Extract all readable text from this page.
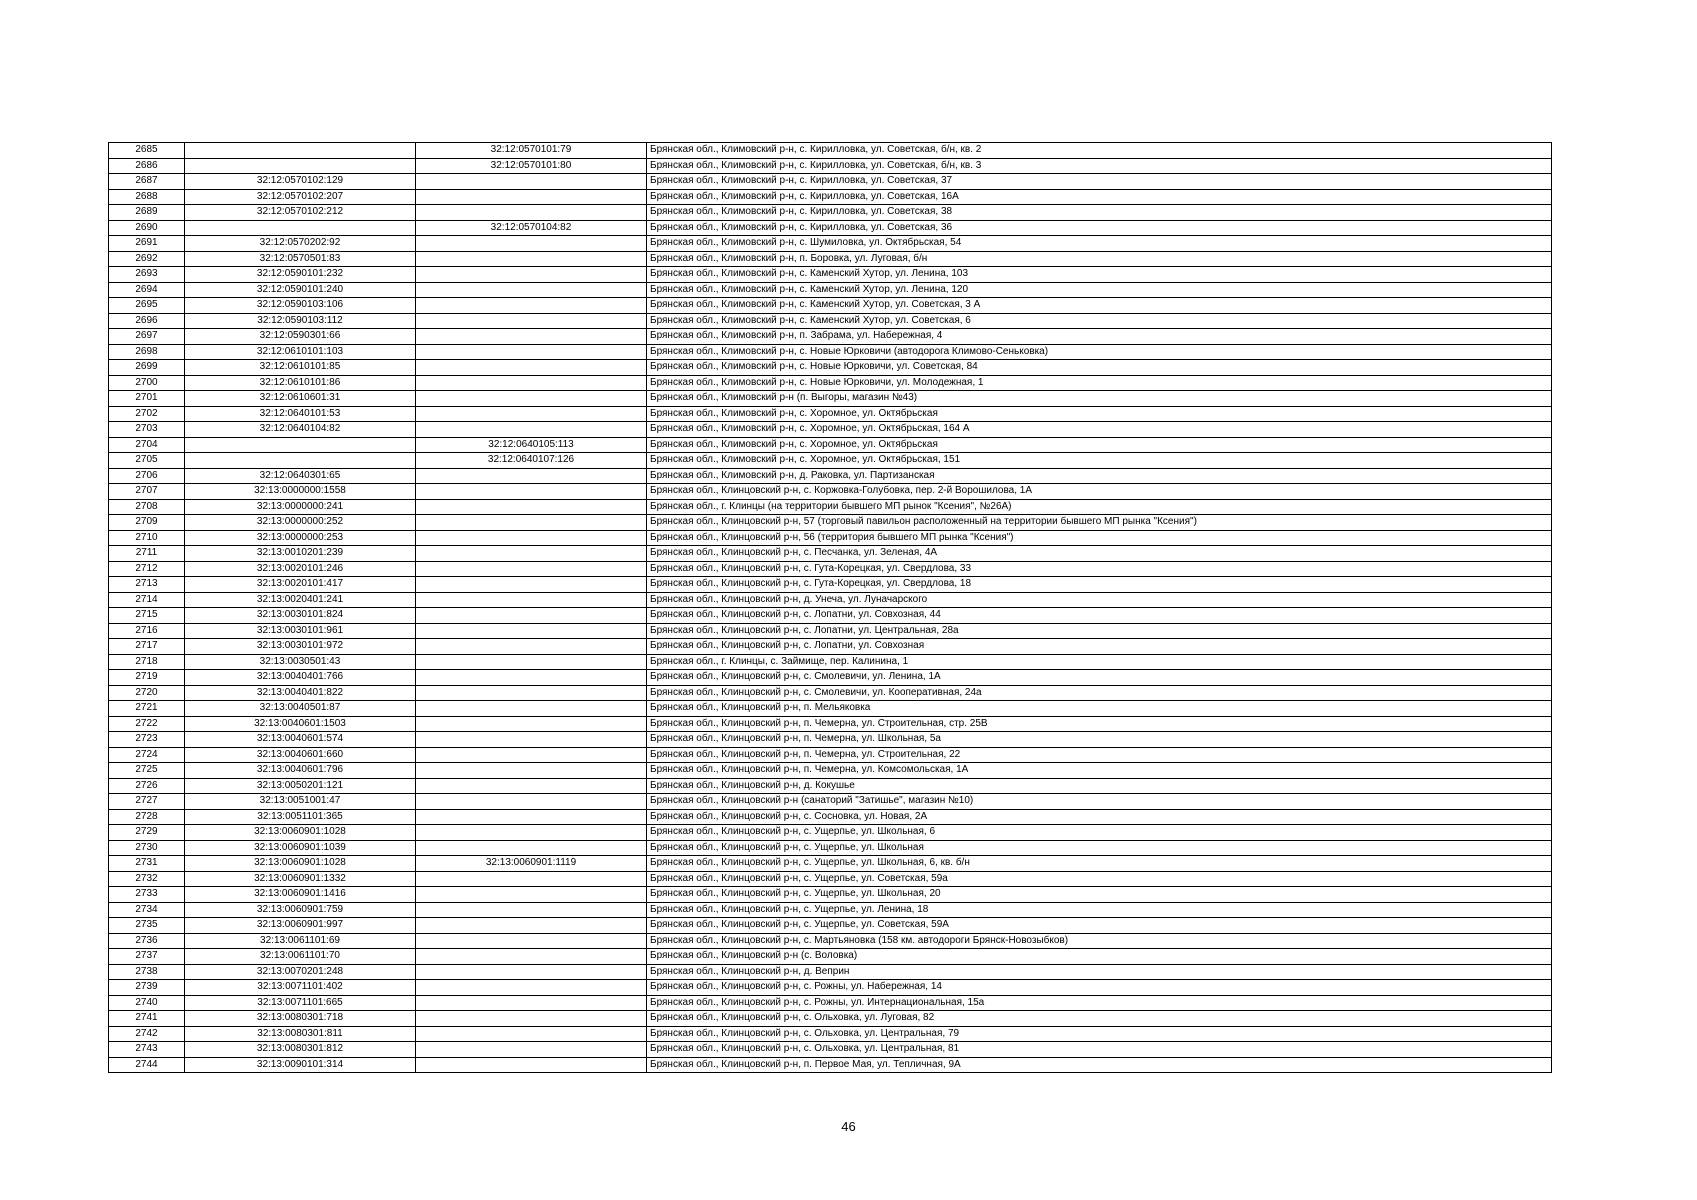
2685		32:12:0570101:79	Брянская обл., Климовский р-н, с. Кирилловка, ул. Советская, б/н, кв. 2
2686		32:12:0570101:80	Брянская обл., Климовский р-н, с. Кирилловка, ул. Советская, б/н, кв. 3
2687	32:12:0570102:129		Брянская обл., Климовский р-н, с. Кирилловка, ул. Советская, 37
2688	32:12:0570102:207		Брянская обл., Климовский р-н, с. Кирилловка, ул. Советская, 16А
2689	32:12:0570102:212		Брянская обл., Климовский р-н, с. Кирилловка, ул. Советская, 38
2690		32:12:0570104:82	Брянская обл., Климовский р-н, с. Кирилловка, ул. Советская, 36
2691	32:12:0570202:92		Брянская обл., Климовский р-н, с. Шумиловка, ул. Октябрьская, 54
2692	32:12:0570501:83		Брянская обл., Климовский р-н, п. Боровка, ул. Луговая, б/н
2693	32:12:0590101:232		Брянская обл., Климовский р-н, с. Каменский Хутор, ул. Ленина, 103
2694	32:12:0590101:240		Брянская обл., Климовский р-н, с. Каменский Хутор, ул. Ленина, 120
2695	32:12:0590103:106		Брянская обл., Климовский р-н, с. Каменский Хутор, ул. Советская, 3 А
2696	32:12:0590103:112		Брянская обл., Климовский р-н, с. Каменский Хутор, ул. Советская, 6
2697	32:12:0590301:66		Брянская обл., Климовский р-н, п. Забрама, ул. Набережная, 4
2698	32:12:0610101:103		Брянская обл., Климовский р-н, с. Новые Юрковичи (автодорога Климово-Сеньковка)
2699	32:12:0610101:85		Брянская обл., Климовский р-н, с. Новые Юрковичи, ул. Советская, 84
2700	32:12:0610101:86		Брянская обл., Климовский р-н, с. Новые Юрковичи, ул. Молодежная, 1
2701	32:12:0610601:31		Брянская обл., Климовский р-н (п. Выгоры, магазин №43)
2702	32:12:0640101:53		Брянская обл., Климовский р-н, с. Хоромное, ул. Октябрьская
2703	32:12:0640104:82		Брянская обл., Климовский р-н, с. Хоромное, ул. Октябрьская, 164 А
2704		32:12:0640105:113	Брянская обл., Климовский р-н, с. Хоромное, ул. Октябрьская
2705		32:12:0640107:126	Брянская обл., Климовский р-н, с. Хоромное, ул. Октябрьская, 151
2706	32:12:0640301:65		Брянская обл., Климовский р-н, д. Раковка, ул. Партизанская
2707	32:13:0000000:1558		Брянская обл., Клинцовский р-н, с. Коржовка-Голубовка, пер. 2-й Ворошилова, 1А
2708	32:13:0000000:241		Брянская обл., г. Клинцы (на территории бывшего МП рынок "Ксения", №26А)
2709	32:13:0000000:252		Брянская обл., Клинцовский р-н, 57 (торговый павильон расположенный на территории бывшего МП рынка "Ксения")
2710	32:13:0000000:253		Брянская обл., Клинцовский р-н, 56 (территория бывшего МП рынка "Ксения")
2711	32:13:0010201:239		Брянская обл., Клинцовский р-н, с. Песчанка, ул. Зеленая, 4А
2712	32:13:0020101:246		Брянская обл., Клинцовский р-н, с. Гута-Корецкая, ул. Свердлова, 33
2713	32:13:0020101:417		Брянская обл., Клинцовский р-н, с. Гута-Корецкая, ул. Свердлова, 18
2714	32:13:0020401:241		Брянская обл., Клинцовский р-н, д. Унеча, ул. Луначарского
2715	32:13:0030101:824		Брянская обл., Клинцовский р-н, с. Лопатни, ул. Совхозная, 44
2716	32:13:0030101:961		Брянская обл., Клинцовский р-н, с. Лопатни, ул. Центральная, 28а
2717	32:13:0030101:972		Брянская обл., Клинцовский р-н, с. Лопатни, ул. Совхозная
2718	32:13:0030501:43		Брянская обл., г. Клинцы, с. Займище, пер. Калинина, 1
2719	32:13:0040401:766		Брянская обл., Клинцовский р-н, с. Смолевичи, ул. Ленина, 1А
2720	32:13:0040401:822		Брянская обл., Клинцовский р-н, с. Смолевичи, ул. Кооперативная, 24а
2721	32:13:0040501:87		Брянская обл., Клинцовский р-н, п. Мельяковка
2722	32:13:0040601:1503		Брянская обл., Клинцовский р-н, п. Чемерна, ул. Строительная, стр. 25В
2723	32:13:0040601:574		Брянская обл., Клинцовский р-н, п. Чемерна, ул. Школьная, 5а
2724	32:13:0040601:660		Брянская обл., Клинцовский р-н, п. Чемерна, ул. Строительная, 22
2725	32:13:0040601:796		Брянская обл., Клинцовский р-н, п. Чемерна, ул. Комсомольская, 1А
2726	32:13:0050201:121		Брянская обл., Клинцовский р-н, д. Кокушье
2727	32:13:0051001:47		Брянская обл., Клинцовский р-н (санаторий "Затишье", магазин №10)
2728	32:13:0051101:365		Брянская обл., Клинцовский р-н, с. Сосновка, ул. Новая, 2А
2729	32:13:0060901:1028		Брянская обл., Клинцовский р-н, с. Ущерпье, ул. Школьная, 6
2730	32:13:0060901:1039		Брянская обл., Клинцовский р-н, с. Ущерпье, ул. Школьная
2731	32:13:0060901:1028	32:13:0060901:1119	Брянская обл., Клинцовский р-н, с. Ущерпье, ул. Школьная, 6, кв. б/н
2732	32:13:0060901:1332		Брянская обл., Клинцовский р-н, с. Ущерпье, ул. Советская, 59а
2733	32:13:0060901:1416		Брянская обл., Клинцовский р-н, с. Ущерпье, ул. Школьная, 20
2734	32:13:0060901:759		Брянская обл., Клинцовский р-н, с. Ущерпье, ул. Ленина, 18
2735	32:13:0060901:997		Брянская обл., Клинцовский р-н, с. Ущерпье, ул. Советская, 59А
2736	32:13:0061101:69		Брянская обл., Клинцовский р-н, с. Мартьяновка (158 км. автодороги Брянск-Новозыбков)
2737	32:13:0061101:70		Брянская обл., Клинцовский р-н (с. Воловка)
2738	32:13:0070201:248		Брянская обл., Клинцовский р-н, д. Веприн
2739	32:13:0071101:402		Брянская обл., Клинцовский р-н, с. Рожны, ул. Набережная, 14
2740	32:13:0071101:665		Брянская обл., Клинцовский р-н, с. Рожны, ул. Интернациональная, 15а
2741	32:13:0080301:718		Брянская обл., Клинцовский р-н, с. Ольховка, ул. Луговая, 82
2742	32:13:0080301:811		Брянская обл., Клинцовский р-н, с. Ольховка, ул. Центральная, 79
2743	32:13:0080301:812		Брянская обл., Клинцовский р-н, с. Ольховка, ул. Центральная, 81
2744	32:13:0090101:314		Брянская обл., Клинцовский р-н, п. Первое Мая, ул. Тепличная, 9А
46
